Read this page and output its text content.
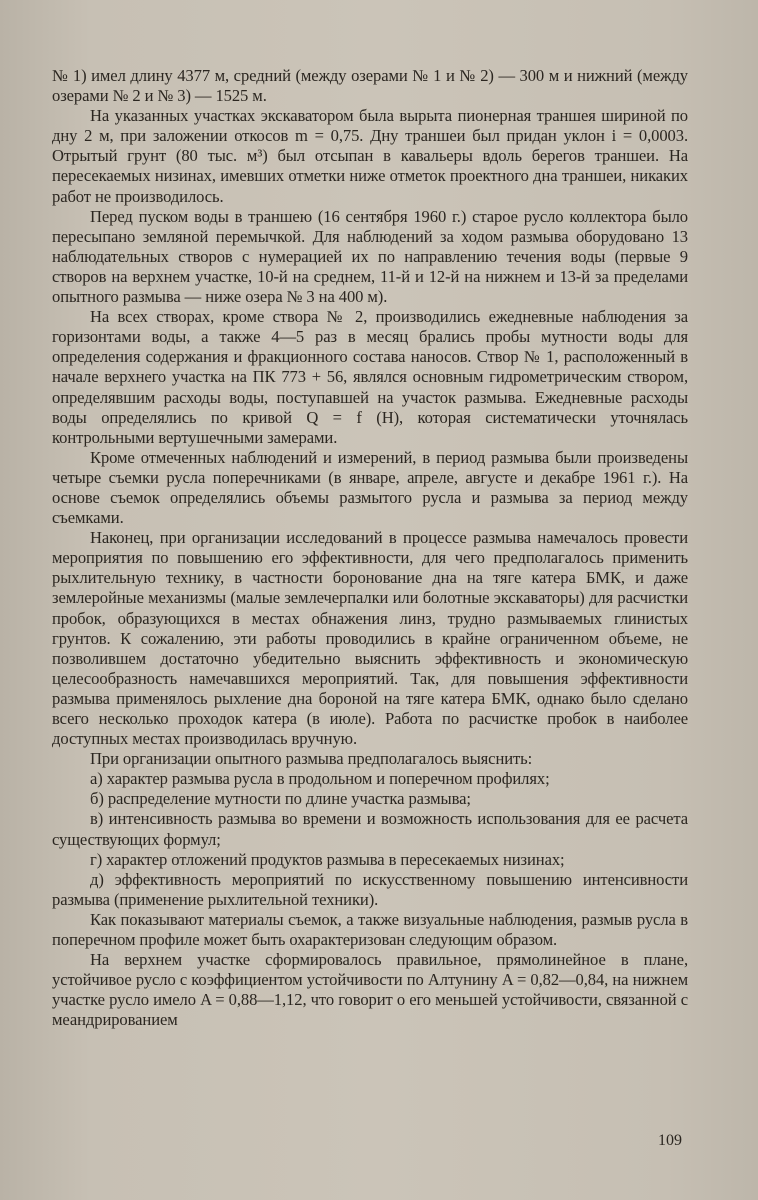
№ 1) имел длину 4377 м, средний (между озерами № 1 и № 2) — 300 м и нижний (между озерами № 2 и № 3) — 1525 м.

На указанных участках экскаватором была вырыта пионерная траншея шириной по дну 2 м, при заложении откосов m = 0,75. Дну траншеи был придан уклон i = 0,0003. Отрытый грунт (80 тыс. м³) был отсыпан в кавальеры вдоль берегов траншеи. На пересекаемых низинах, имевших отметки ниже отметок проектного дна траншеи, никаких работ не производилось.

Перед пуском воды в траншею (16 сентября 1960 г.) старое русло коллектора было пересыпано земляной перемычкой. Для наблюдений за ходом размыва оборудовано 13 наблюдательных створов с нумерацией их по направлению течения воды (первые 9 створов на верхнем участке, 10-й на среднем, 11-й и 12-й на нижнем и 13-й за пределами опытного размыва — ниже озера № 3 на 400 м).

На всех створах, кроме створа № 2, производились ежедневные наблюдения за горизонтами воды, а также 4—5 раз в месяц брались пробы мутности воды для определения содержания и фракционного состава наносов. Створ № 1, расположенный в начале верхнего участка на ПК 773 + 56, являлся основным гидрометрическим створом, определявшим расходы воды, поступавшей на участок размыва. Ежедневные расходы воды определялись по кривой Q = f (H), которая систематически уточнялась контрольными вертушечными замерами.

Кроме отмеченных наблюдений и измерений, в период размыва были произведены четыре съемки русла поперечниками (в январе, апреле, августе и декабре 1961 г.). На основе съемок определялись объемы размытого русла и размыва за период между съемками.

Наконец, при организации исследований в процессе размыва намечалось провести мероприятия по повышению его эффективности, для чего предполагалось применить рыхлительную технику, в частности боронование дна на тяге катера БМК, и даже землеройные механизмы (малые землечерпалки или болотные экскаваторы) для расчистки пробок, образующихся в местах обнажения линз, трудно размываемых глинистых грунтов. К сожалению, эти работы проводились в крайне ограниченном объеме, не позволившем достаточно убедительно выяснить эффективность и экономическую целесообразность намечавшихся мероприятий. Так, для повышения эффективности размыва применялось рыхление дна бороной на тяге катера БМК, однако было сделано всего несколько проходок катера (в июле). Работа по расчистке пробок в наиболее доступных местах производилась вручную.

При организации опытного размыва предполагалось выяснить:

а) характер размыва русла в продольном и поперечном профилях;

б) распределение мутности по длине участка размыва;

в) интенсивность размыва во времени и возможность использования для ее расчета существующих формул;

г) характер отложений продуктов размыва в пересекаемых низинах;

д) эффективность мероприятий по искусственному повышению интенсивности размыва (применение рыхлительной техники).

Как показывают материалы съемок, а также визуальные наблюдения, размыв русла в поперечном профиле может быть охарактеризован следующим образом.

На верхнем участке сформировалось правильное, прямолинейное в плане, устойчивое русло с коэффициентом устойчивости по Алтунину A = 0,82—0,84, на нижнем участке русло имело A = 0,88—1,12, что говорит о его меньшей устойчивости, связанной с меандрированием

109
